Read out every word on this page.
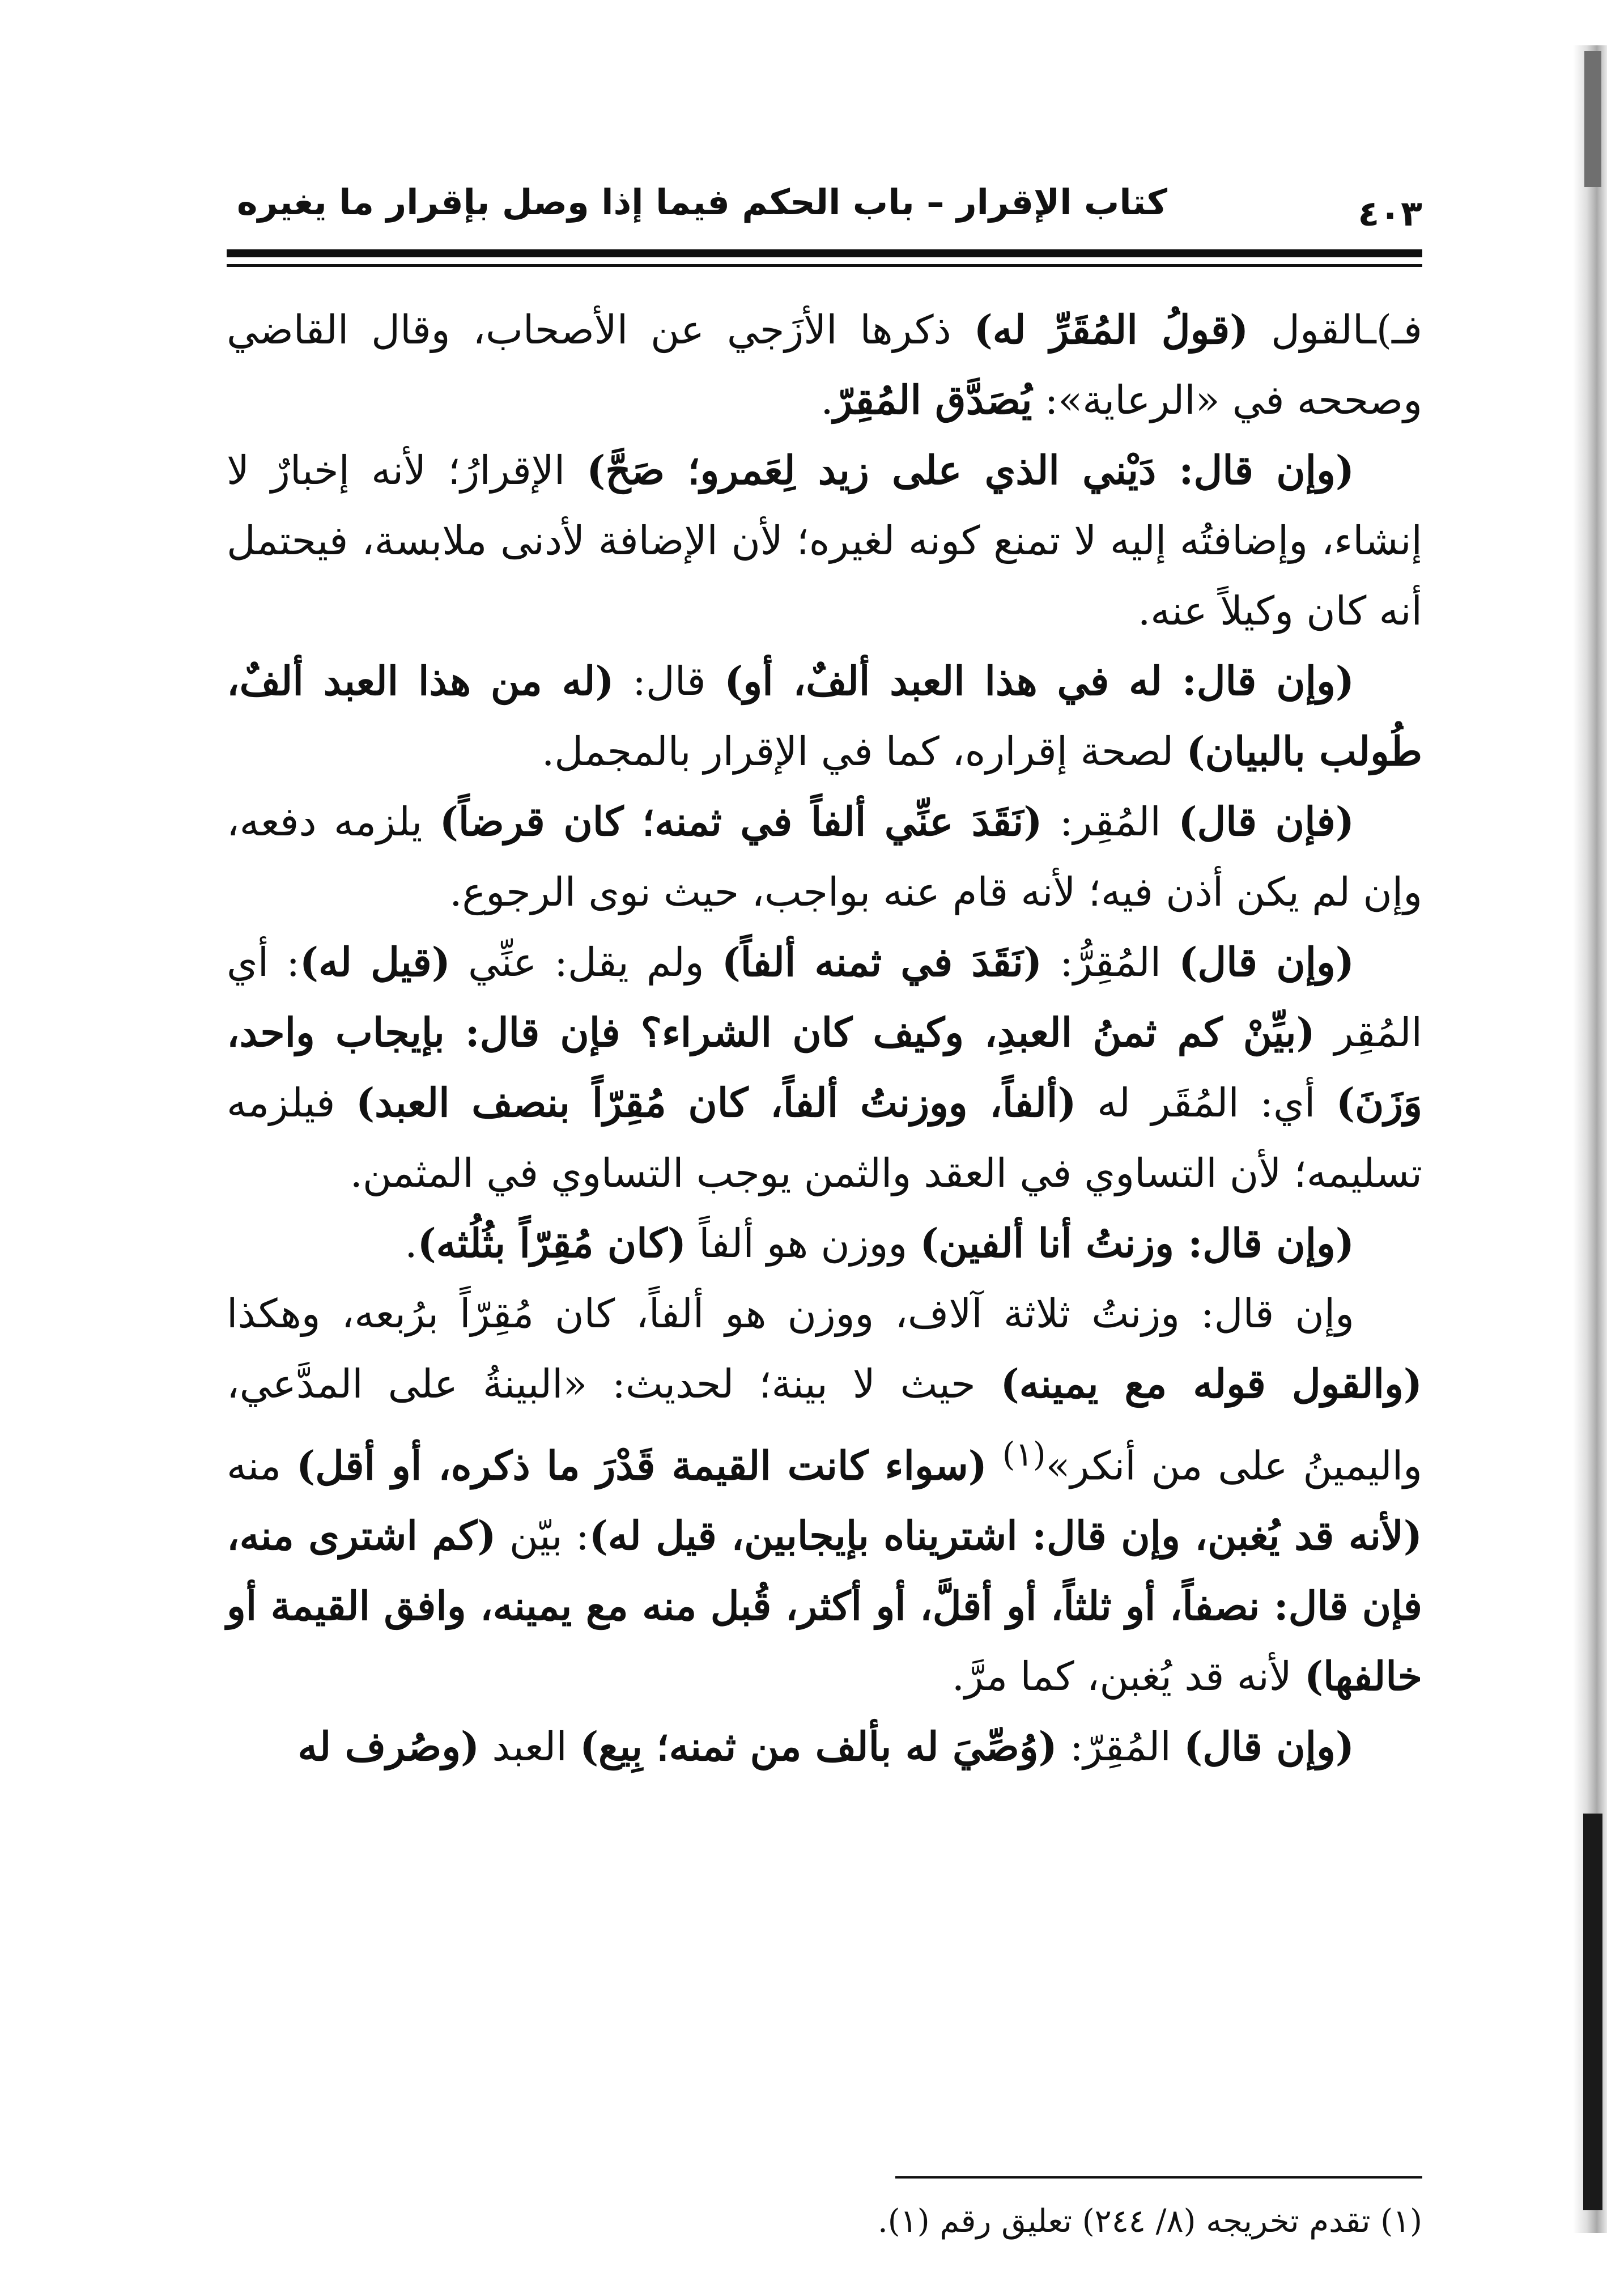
كتاب الإقرار – باب الحكم فيما إذا وصل بإقرار ما يغيره	٤٠٣

فـ)ـالقول (قولُ المُقَرِّ له) ذكرها الأزَجي عن الأصحاب، وقال القاضي وصححه في «الرعاية»: يُصَدَّق المُقِرّ.

(وإن قال: دَيْني الذي على زيد لِعَمرو؛ صَحَّ) الإقرارُ؛ لأنه إخبارٌ لا إنشاء، وإضافتُه إليه لا تمنع كونه لغيره؛ لأن الإضافة لأدنى ملابسة، فيحتمل أنه كان وكيلاً عنه.

(وإن قال: له في هذا العبد ألفٌ، أو) قال: (له من هذا العبد ألفٌ، طُولب بالبيان) لصحة إقراره، كما في الإقرار بالمجمل.

(فإن قال) المُقِر: (نَقَدَ عنِّي ألفاً في ثمنه؛ كان قرضاً) يلزمه دفعه، وإن لم يكن أذن فيه؛ لأنه قام عنه بواجب، حيث نوى الرجوع.

(وإن قال) المُقِرُّ: (نَقَدَ في ثمنه ألفاً) ولم يقل: عنِّي (قيل له): أي المُقِر (بيِّنْ كم ثمنُ العبدِ، وكيف كان الشراء؟ فإن قال: بإيجاب واحد، وَزَنَ) أي: المُقَر له (ألفاً، ووزنتُ ألفاً، كان مُقِرّاً بنصف العبد) فيلزمه تسليمه؛ لأن التساوي في العقد والثمن يوجب التساوي في المثمن.

(وإن قال: وزنتُ أنا ألفين) ووزن هو ألفاً (كان مُقِرّاً بثُلُثه).

وإن قال: وزنتُ ثلاثة آلاف، ووزن هو ألفاً، كان مُقِرّاً برُبعه، وهكذا (والقول قوله مع يمينه) حيث لا بينة؛ لحديث: «البينةُ على المدَّعي، واليمينُ على من أنكر»$^{(١)}$ (سواء كانت القيمة قَدْرَ ما ذكره، أو أقل) منه (لأنه قد يُغبن، وإن قال: اشتريناه بإيجابين، قيل له): بيّن (كم اشترى منه، فإن قال: نصفاً، أو ثلثاً، أو أقلَّ، أو أكثر، قُبل منه مع يمينه، وافق القيمة أو خالفها) لأنه قد يُغبن، كما مرَّ.

(وإن قال) المُقِرّ: (وُصِّيَ له بألف من ثمنه؛ بِيع) العبد (وصُرف له

(١) تقدم تخريجه (٨/ ٢٤٤) تعليق رقم (١).
